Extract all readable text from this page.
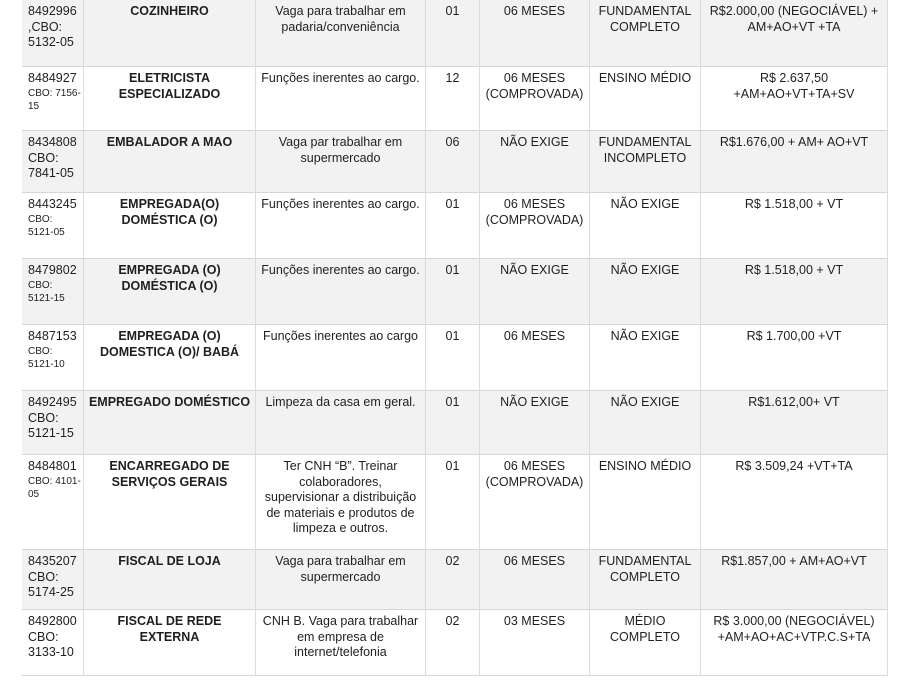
8492996
,CBO:
5132-05	COZINHEIRO	Vaga para trabalhar em
padaria/conveniência	01	06 MESES	FUNDAMENTAL
COMPLETO	R$2.000,00 (NEGOCIÁVEL) +
AM+AO+VT +TA

8484927
CBO: 7156-
15	ELETRICISTA
ESPECIALIZADO	Funções inerentes ao cargo.	12	06 MESES
(COMPROVADA)	ENSINO MÉDIO	R$ 2.637,50
+AM+AO+VT+TA+SV

8434808
CBO:
7841-05	EMBALADOR A MAO	Vaga par trabalhar em
supermercado	06	NÃO EXIGE	FUNDAMENTAL
INCOMPLETO	R$1.676,00 + AM+ AO+VT

8443245
CBO:
5121-05	EMPREGADA(O)
DOMÉSTICA (O)	Funções inerentes ao cargo.	01	06 MESES
(COMPROVADA)	NÃO EXIGE	R$ 1.518,00 + VT

8479802
CBO:
5121-15	EMPREGADA (O)
DOMÉSTICA (O)	Funções inerentes ao cargo.	01	NÃO EXIGE	NÃO EXIGE	R$ 1.518,00 + VT

8487153
CBO:
5121-10	EMPREGADA (O)
DOMESTICA (O)/ BABÁ	Funções inerentes ao cargo	01	06 MESES	NÃO EXIGE	R$ 1.700,00 +VT

8492495
CBO:
5121-15	EMPREGADO DOMÉSTICO	Limpeza da casa em geral.	01	NÃO EXIGE	NÃO EXIGE	R$1.612,00+ VT

8484801
CBO: 4101-
05	ENCARREGADO DE
SERVIÇOS GERAIS	Ter CNH “B”. Treinar
colaboradores,
supervisionar a distribuição
de materiais e produtos de
limpeza e outros.	01	06 MESES
(COMPROVADA)	ENSINO MÉDIO	R$ 3.509,24 +VT+TA

8435207
CBO:
5174-25	FISCAL DE LOJA	Vaga para trabalhar em
supermercado	02	06 MESES	FUNDAMENTAL
COMPLETO	R$1.857,00 + AM+AO+VT

8492800
CBO:
3133-10	FISCAL DE REDE
EXTERNA	CNH B. Vaga para trabalhar
em empresa de
internet/telefonia	02	03 MESES	MÉDIO
COMPLETO	R$ 3.000,00 (NEGOCIÁVEL)
+AM+AO+AC+VTP.C.S+TA
